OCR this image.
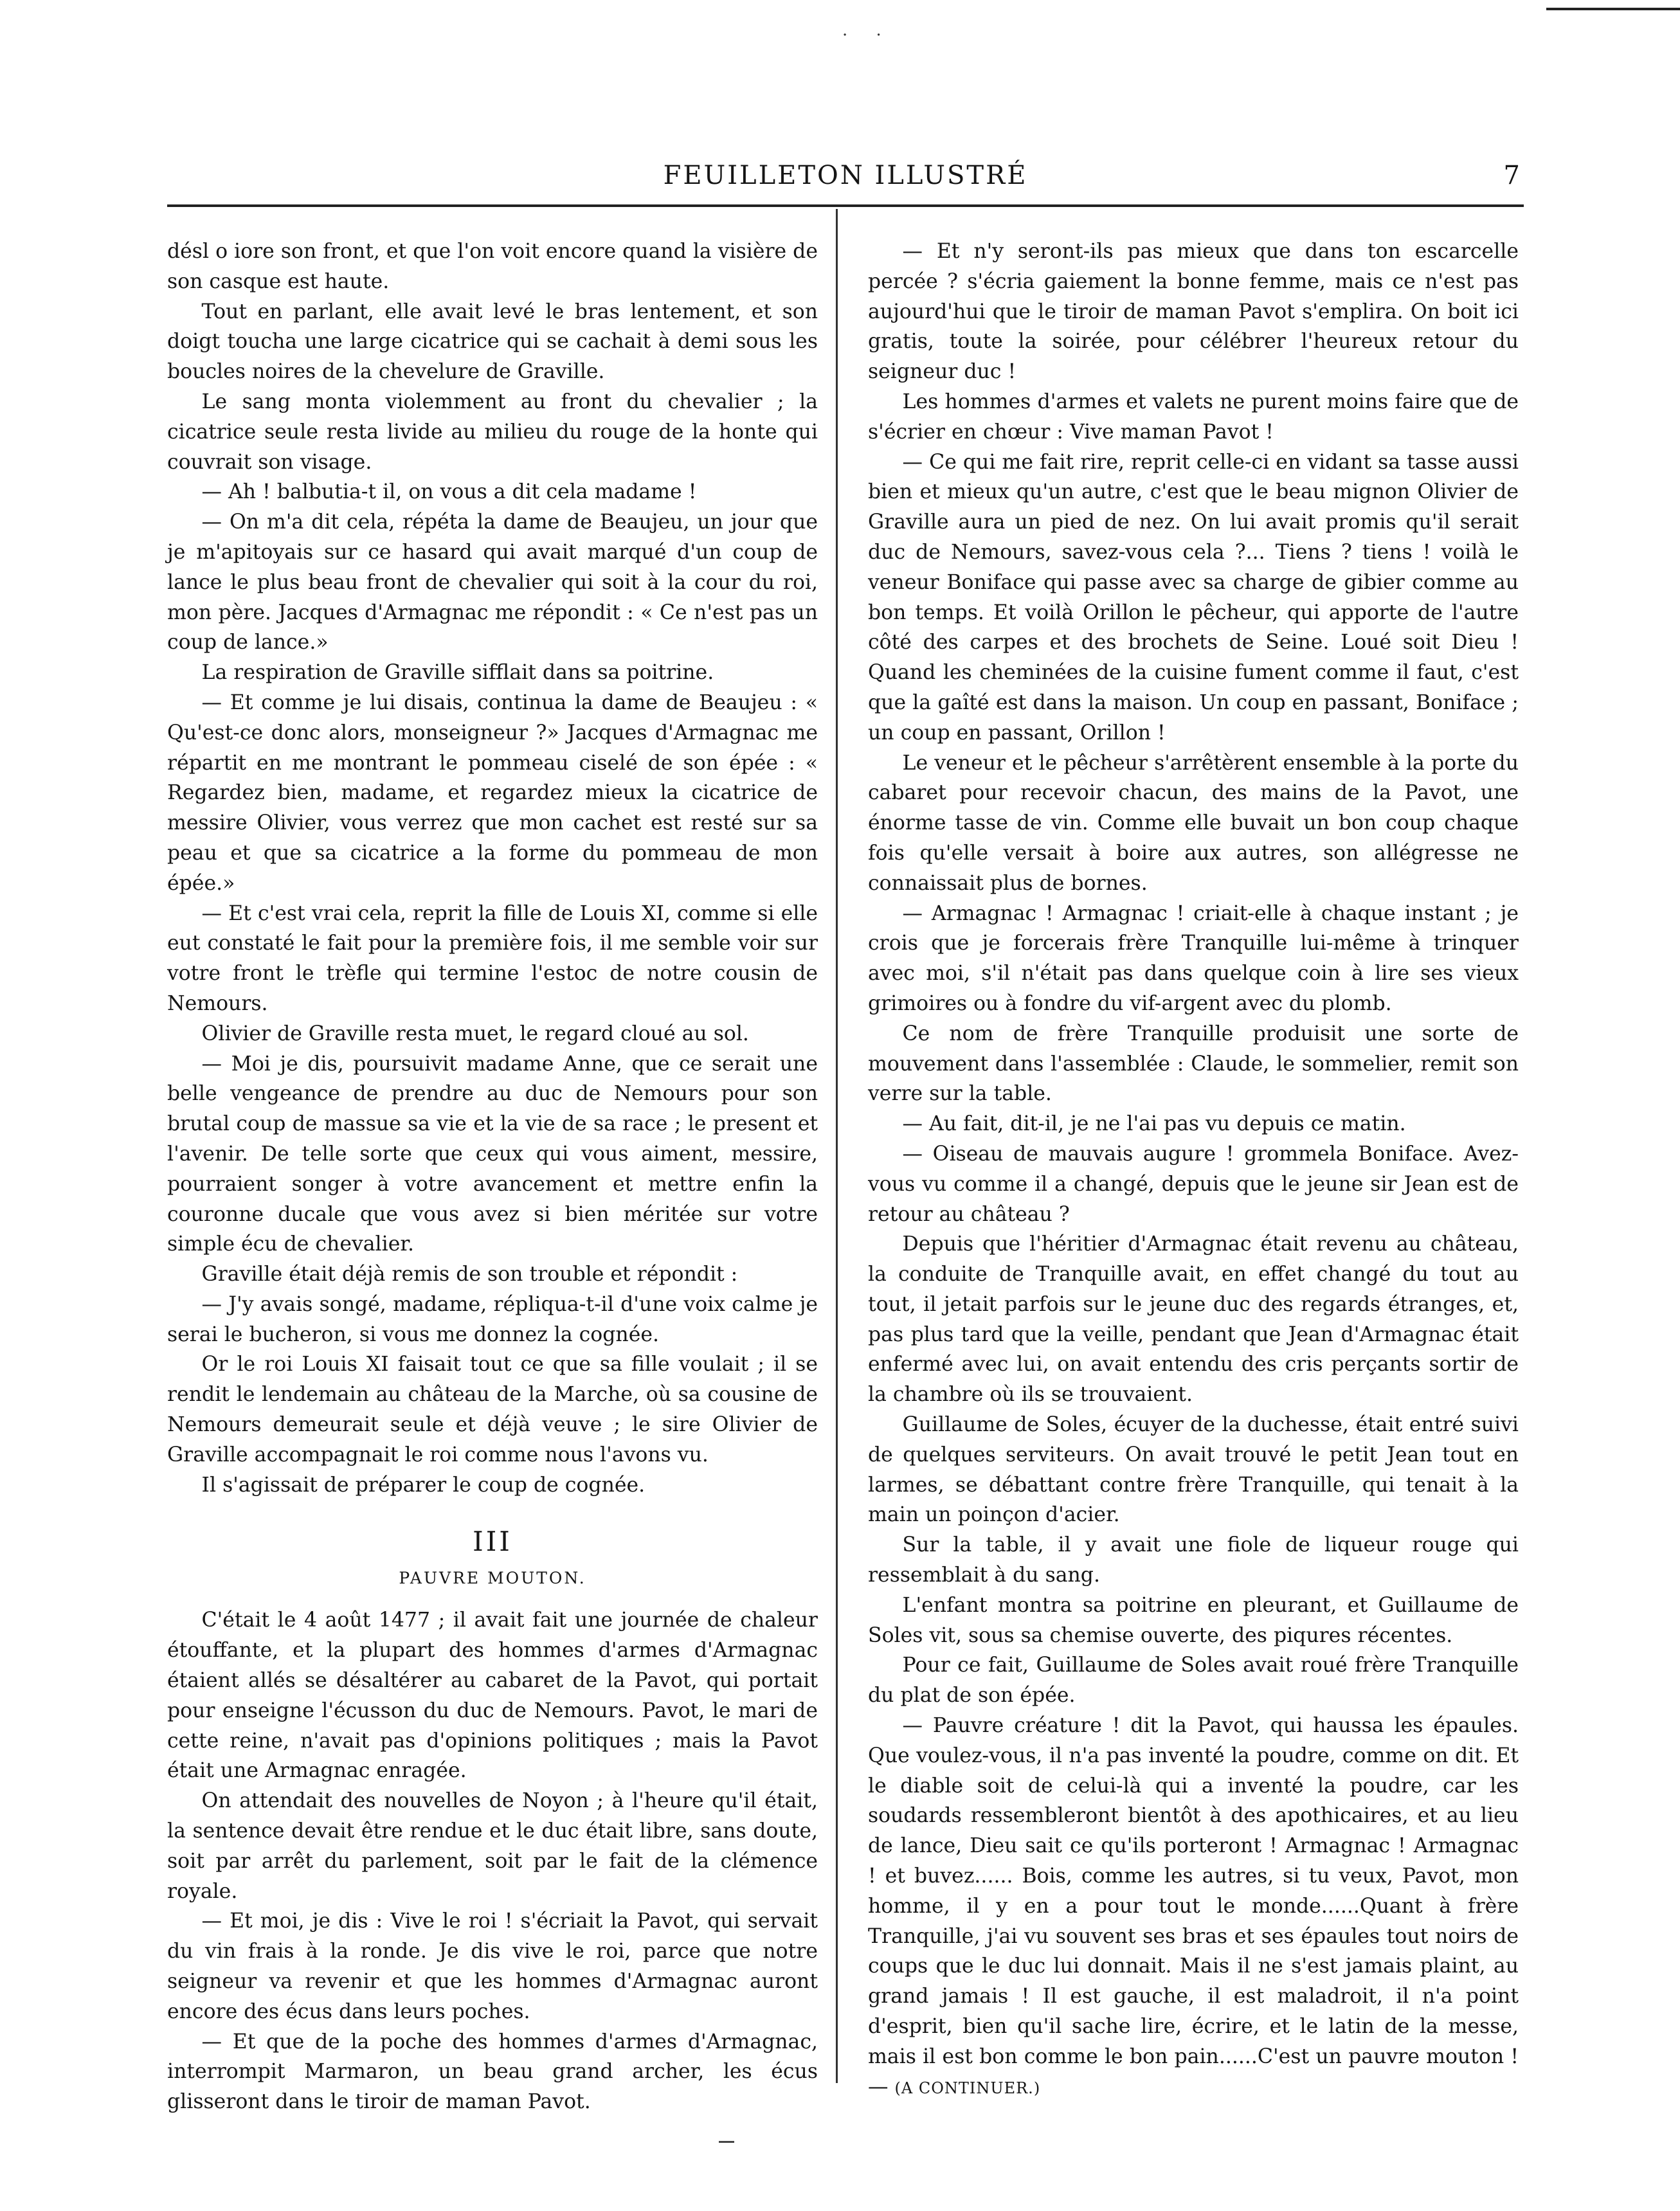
· ·
FEUILLETON ILLUSTRÉ	7

désl o iore son front, et que l'on voit encore quand la visière de son casque est haute.

Tout en parlant, elle avait levé le bras lentement, et son doigt toucha une large cicatrice qui se cachait à demi sous les boucles noires de la chevelure de Graville.

Le sang monta violemment au front du chevalier ; la cicatrice seule resta livide au milieu du rouge de la honte qui couvrait son visage.

— Ah ! balbutia-t il, on vous a dit cela madame !

— On m'a dit cela, répéta la dame de Beaujeu, un jour que je m'apitoyais sur ce hasard qui avait marqué d'un coup de lance le plus beau front de chevalier qui soit à la cour du roi, mon père. Jacques d'Armagnac me répondit : « Ce n'est pas un coup de lance.»

La respiration de Graville sifflait dans sa poitrine.

— Et comme je lui disais, continua la dame de Beaujeu : « Qu'est-ce donc alors, monseigneur ?» Jacques d'Armagnac me répartit en me montrant le pommeau ciselé de son épée : « Regardez bien, madame, et regardez mieux la cicatrice de messire Olivier, vous verrez que mon cachet est resté sur sa peau et que sa cicatrice a la forme du pommeau de mon épée.»

— Et c'est vrai cela, reprit la fille de Louis XI, comme si elle eut constaté le fait pour la première fois, il me semble voir sur votre front le trèfle qui termine l'estoc de notre cousin de Nemours.

Olivier de Graville resta muet, le regard cloué au sol.

— Moi je dis, poursuivit madame Anne, que ce serait une belle vengeance de prendre au duc de Nemours pour son brutal coup de massue sa vie et la vie de sa race ; le present et l'avenir. De telle sorte que ceux qui vous aiment, messire, pourraient songer à votre avancement et mettre enfin la couronne ducale que vous avez si bien méritée sur votre simple écu de chevalier.

Graville était déjà remis de son trouble et répondit :

— J'y avais songé, madame, répliqua-t-il d'une voix calme je serai le bucheron, si vous me donnez la cognée.

Or le roi Louis XI faisait tout ce que sa fille voulait ; il se rendit le lendemain au château de la Marche, où sa cousine de Nemours demeurait seule et déjà veuve ; le sire Olivier de Graville accompagnait le roi comme nous l'avons vu.

Il s'agissait de préparer le coup de cognée.

III
PAUVRE MOUTON.

C'était le 4 août 1477 ; il avait fait une journée de chaleur étouffante, et la plupart des hommes d'armes d'Armagnac étaient allés se désaltérer au cabaret de la Pavot, qui portait pour enseigne l'écusson du duc de Nemours. Pavot, le mari de cette reine, n'avait pas d'opinions politiques ; mais la Pavot était une Armagnac enragée.

On attendait des nouvelles de Noyon ; à l'heure qu'il était, la sentence devait être rendue et le duc était libre, sans doute, soit par arrêt du parlement, soit par le fait de la clémence royale.

— Et moi, je dis : Vive le roi ! s'écriait la Pavot, qui servait du vin frais à la ronde. Je dis vive le roi, parce que notre seigneur va revenir et que les hommes d'Armagnac auront encore des écus dans leurs poches.

— Et que de la poche des hommes d'armes d'Armagnac, interrompit Marmaron, un beau grand archer, les écus glisseront dans le tiroir de maman Pavot.

— Et n'y seront-ils pas mieux que dans ton escarcelle percée ? s'écria gaiement la bonne femme, mais ce n'est pas aujourd'hui que le tiroir de maman Pavot s'emplira. On boit ici gratis, toute la soirée, pour célébrer l'heureux retour du seigneur duc !

Les hommes d'armes et valets ne purent moins faire que de s'écrier en chœur : Vive maman Pavot !

— Ce qui me fait rire, reprit celle-ci en vidant sa tasse aussi bien et mieux qu'un autre, c'est que le beau mignon Olivier de Graville aura un pied de nez. On lui avait promis qu'il serait duc de Nemours, savez-vous cela ?... Tiens ? tiens ! voilà le veneur Boniface qui passe avec sa charge de gibier comme au bon temps. Et voilà Orillon le pêcheur, qui apporte de l'autre côté des carpes et des brochets de Seine. Loué soit Dieu ! Quand les cheminées de la cuisine fument comme il faut, c'est que la gaîté est dans la maison. Un coup en passant, Boniface ; un coup en passant, Orillon !

Le veneur et le pêcheur s'arrêtèrent ensemble à la porte du cabaret pour recevoir chacun, des mains de la Pavot, une énorme tasse de vin. Comme elle buvait un bon coup chaque fois qu'elle versait à boire aux autres, son allégresse ne connaissait plus de bornes.

— Armagnac ! Armagnac ! criait-elle à chaque instant ; je crois que je forcerais frère Tranquille lui-même à trinquer avec moi, s'il n'était pas dans quelque coin à lire ses vieux grimoires ou à fondre du vif-argent avec du plomb.

Ce nom de frère Tranquille produisit une sorte de mouvement dans l'assemblée : Claude, le sommelier, remit son verre sur la table.

— Au fait, dit-il, je ne l'ai pas vu depuis ce matin.

— Oiseau de mauvais augure ! grommela Boniface. Avez-vous vu comme il a changé, depuis que le jeune sir Jean est de retour au château ?

Depuis que l'héritier d'Armagnac était revenu au château, la conduite de Tranquille avait, en effet changé du tout au tout, il jetait parfois sur le jeune duc des regards étranges, et, pas plus tard que la veille, pendant que Jean d'Armagnac était enfermé avec lui, on avait entendu des cris perçants sortir de la chambre où ils se trouvaient.

Guillaume de Soles, écuyer de la duchesse, était entré suivi de quelques serviteurs. On avait trouvé le petit Jean tout en larmes, se débattant contre frère Tranquille, qui tenait à la main un poinçon d'acier.

Sur la table, il y avait une fiole de liqueur rouge qui ressemblait à du sang.

L'enfant montra sa poitrine en pleurant, et Guillaume de Soles vit, sous sa chemise ouverte, des piqures récentes.

Pour ce fait, Guillaume de Soles avait roué frère Tranquille du plat de son épée.

— Pauvre créature ! dit la Pavot, qui haussa les épaules. Que voulez-vous, il n'a pas inventé la poudre, comme on dit. Et le diable soit de celui-là qui a inventé la poudre, car les soudards ressembleront bientôt à des apothicaires, et au lieu de lance, Dieu sait ce qu'ils porteront ! Armagnac ! Armagnac ! et buvez...... Bois, comme les autres, si tu veux, Pavot, mon homme, il y en a pour tout le monde......Quant à frère Tranquille, j'ai vu souvent ses bras et ses épaules tout noirs de coups que le duc lui donnait. Mais il ne s'est jamais plaint, au grand jamais ! Il est gauche, il est maladroit, il n'a point d'esprit, bien qu'il sache lire, écrire, et le latin de la messe, mais il est bon comme le bon pain......C'est un pauvre mouton ! — (A CONTINUER.)
